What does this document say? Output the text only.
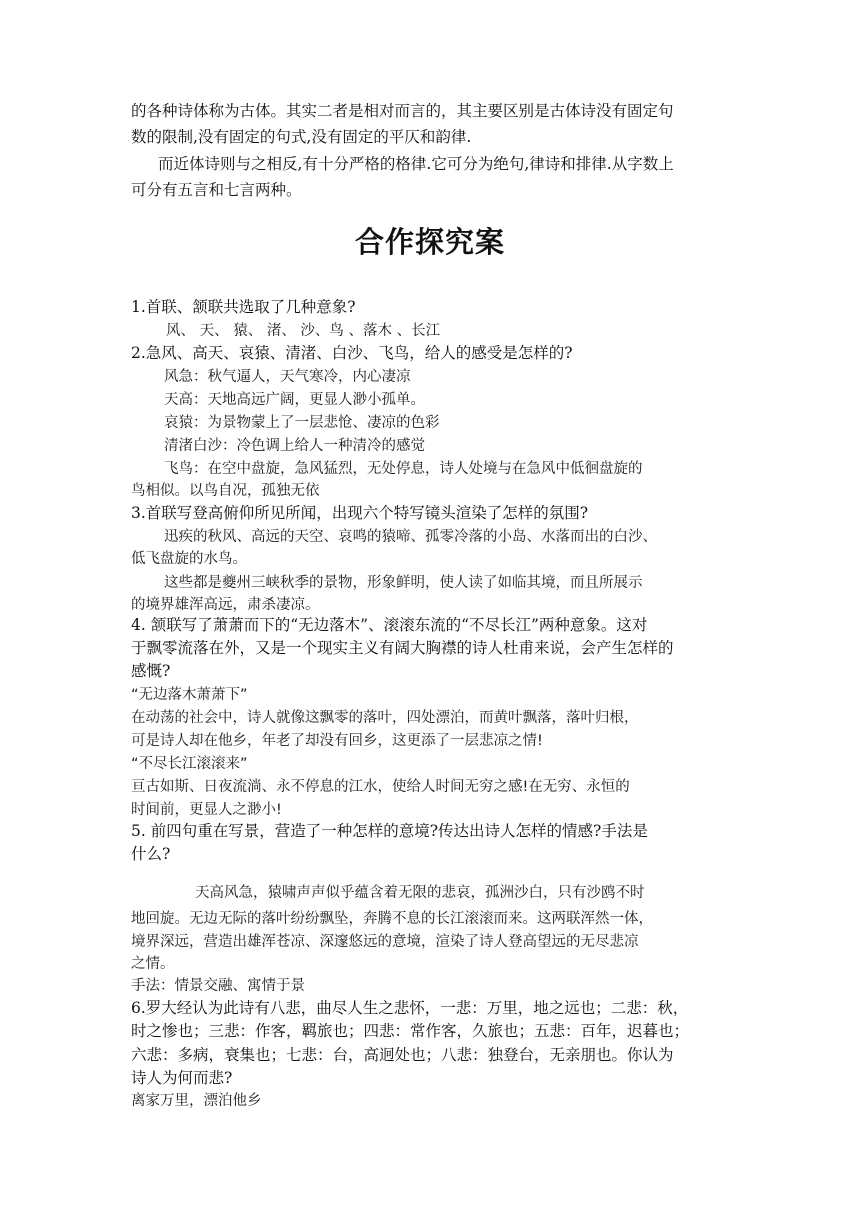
的各种诗体称为古体。其实二者是相对而言的，其主要区别是古体诗没有固定句
数的限制,没有固定的句式,没有固定的平仄和韵律.
而近体诗则与之相反,有十分严格的格律.它可分为绝句,律诗和排律.从字数上
可分有五言和七言两种。
合作探究案
1.首联、颔联共选取了几种意象?
风、 天、 猿、 渚、 沙、鸟 、落木 、长江
2.急风、高天、哀猿、清渚、白沙、飞鸟，给人的感受是怎样的?
风急：秋气逼人，天气寒冷，内心凄凉
天高：天地高远广阔，更显人渺小孤单。
哀猿：为景物蒙上了一层悲怆、凄凉的色彩
清渚白沙：冷色调上给人一种清冷的感觉
飞鸟：在空中盘旋，急风猛烈，无处停息，诗人处境与在急风中低徊盘旋的
鸟相似。以鸟自况，孤独无依
3.首联写登高俯仰所见所闻，出现六个特写镜头渲染了怎样的氛围?
迅疾的秋风、高远的天空、哀鸣的猿啼、孤零冷落的小岛、水落而出的白沙、
低飞盘旋的水鸟。
这些都是夔州三峡秋季的景物，形象鲜明，使人读了如临其境，而且所展示
的境界雄浑高远，肃杀凄凉。
4. 颔联写了萧萧而下的“无边落木”、滚滚东流的“不尽长江”两种意象。这对
于飘零流落在外，又是一个现实主义有阔大胸襟的诗人杜甫来说，会产生怎样的
感慨?
“无边落木萧萧下”
在动荡的社会中，诗人就像这飘零的落叶，四处漂泊，而黄叶飘落，落叶归根，
可是诗人却在他乡，年老了却没有回乡，这更添了一层悲凉之情!
“不尽长江滚滚来”
亘古如斯、日夜流淌、永不停息的江水，使给人时间无穷之感!在无穷、永恒的
时间前，更显人之渺小!
5. 前四句重在写景，营造了一种怎样的意境?传达出诗人怎样的情感?手法是
什么?
天高风急，猿啸声声似乎蕴含着无限的悲哀，孤洲沙白，只有沙鸥不时
地回旋。无边无际的落叶纷纷飘坠，奔腾不息的长江滚滚而来。这两联浑然一体，
境界深远，营造出雄浑苍凉、深邃悠远的意境，渲染了诗人登高望远的无尽悲凉
之情。
手法：情景交融、寓情于景
6.罗大经认为此诗有八悲，曲尽人生之悲怀，一悲：万里，地之远也；二悲：秋，
时之惨也；三悲：作客，羁旅也；四悲：常作客，久旅也；五悲：百年，迟暮也；
六悲：多病，衰集也；七悲：台，高迥处也；八悲：独登台，无亲朋也。你认为
诗人为何而悲?
离家万里，漂泊他乡
